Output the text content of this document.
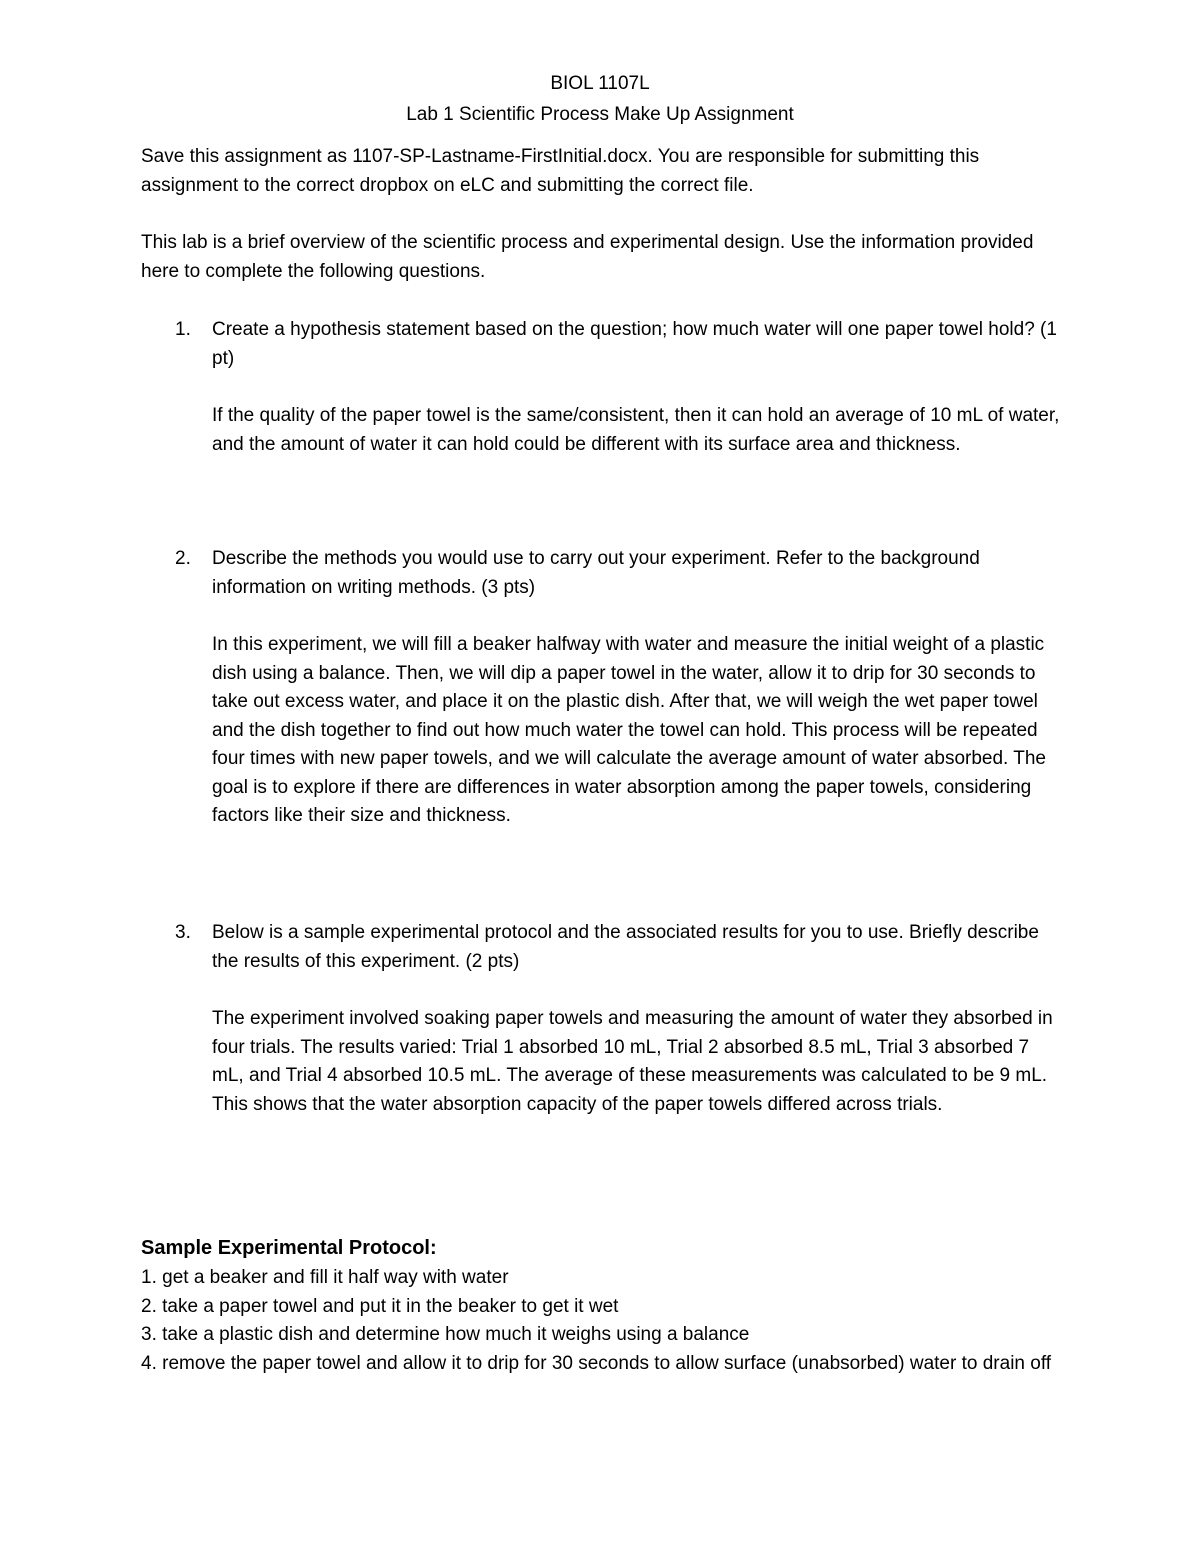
BIOL 1107L
Lab 1 Scientific Process Make Up Assignment

Save this assignment as 1107-SP-Lastname-FirstInitial.docx. You are responsible for submitting this assignment to the correct dropbox on eLC and submitting the correct file.

This lab is a brief overview of the scientific process and experimental design. Use the information provided here to complete the following questions.

1. Create a hypothesis statement based on the question; how much water will one paper towel hold? (1 pt)
If the quality of the paper towel is the same/consistent, then it can hold an average of 10 mL of water, and the amount of water it can hold could be different with its surface area and thickness.
2. Describe the methods you would use to carry out your experiment. Refer to the background information on writing methods. (3 pts)
In this experiment, we will fill a beaker halfway with water and measure the initial weight of a plastic dish using a balance. Then, we will dip a paper towel in the water, allow it to drip for 30 seconds to take out excess water, and place it on the plastic dish. After that, we will weigh the wet paper towel and the dish together to find out how much water the towel can hold. This process will be repeated four times with new paper towels, and we will calculate the average amount of water absorbed. The goal is to explore if there are differences in water absorption among the paper towels, considering factors like their size and thickness.
3. Below is a sample experimental protocol and the associated results for you to use. Briefly describe the results of this experiment. (2 pts)
The experiment involved soaking paper towels and measuring the amount of water they absorbed in four trials. The results varied: Trial 1 absorbed 10 mL, Trial 2 absorbed 8.5 mL, Trial 3 absorbed 7 mL, and Trial 4 absorbed 10.5 mL. The average of these measurements was calculated to be 9 mL. This shows that the water absorption capacity of the paper towels differed across trials.
Sample Experimental Protocol:
1. get a beaker and fill it half way with water
2. take a paper towel and put it in the beaker to get it wet
3. take a plastic dish and determine how much it weighs using a balance
4. remove the paper towel and allow it to drip for 30 seconds to allow surface (unabsorbed) water to drain off
